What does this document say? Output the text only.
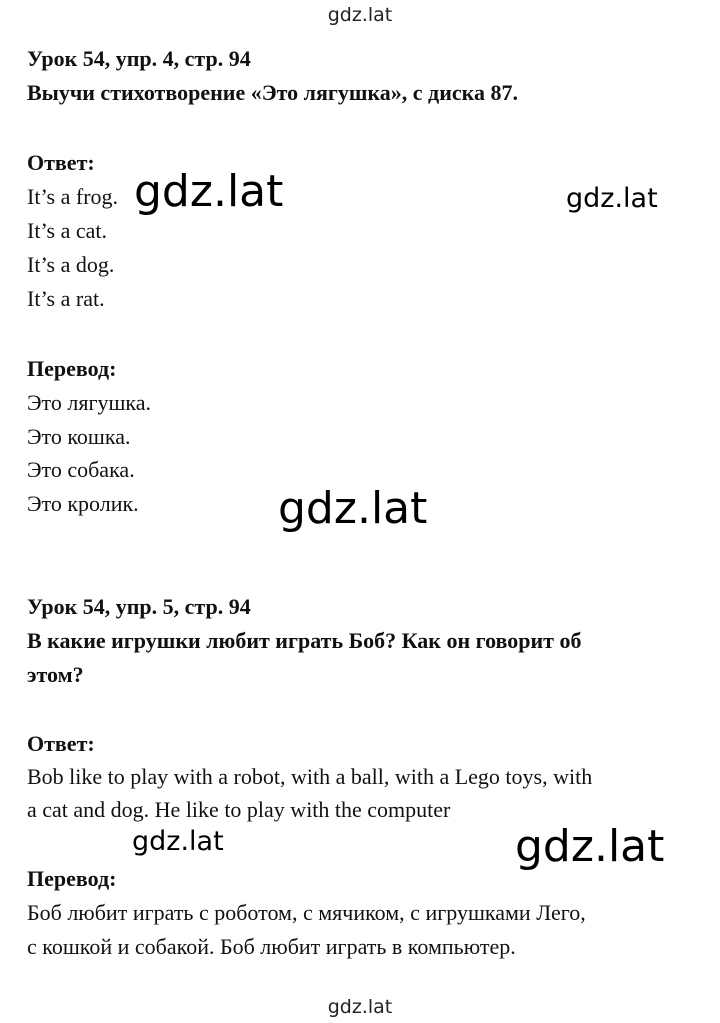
gdz.lat
Урок 54, упр. 4, стр. 94
Выучи стихотворение «Это лягушка», с диска 87.
Ответ:
It’s a frog.
It’s a cat.
It’s a dog.
It’s a rat.
Перевод:
Это лягушка.
Это кошка.
Это собака.
Это кролик.
Урок 54, упр. 5, стр. 94
В какие игрушки любит играть Боб? Как он говорит об
этом?
Ответ:
Bob like to play with a robot, with a ball, with a Lego toys, with
a cat and dog. He like to play with the computer
Перевод:
Боб любит играть с роботом, с мячиком, с игрушками Лего,
с кошкой и собакой. Боб любит играть в компьютер.
gdz.lat	gdz.lat
gdz.lat
gdz.lat	gdz.lat
gdz.lat
